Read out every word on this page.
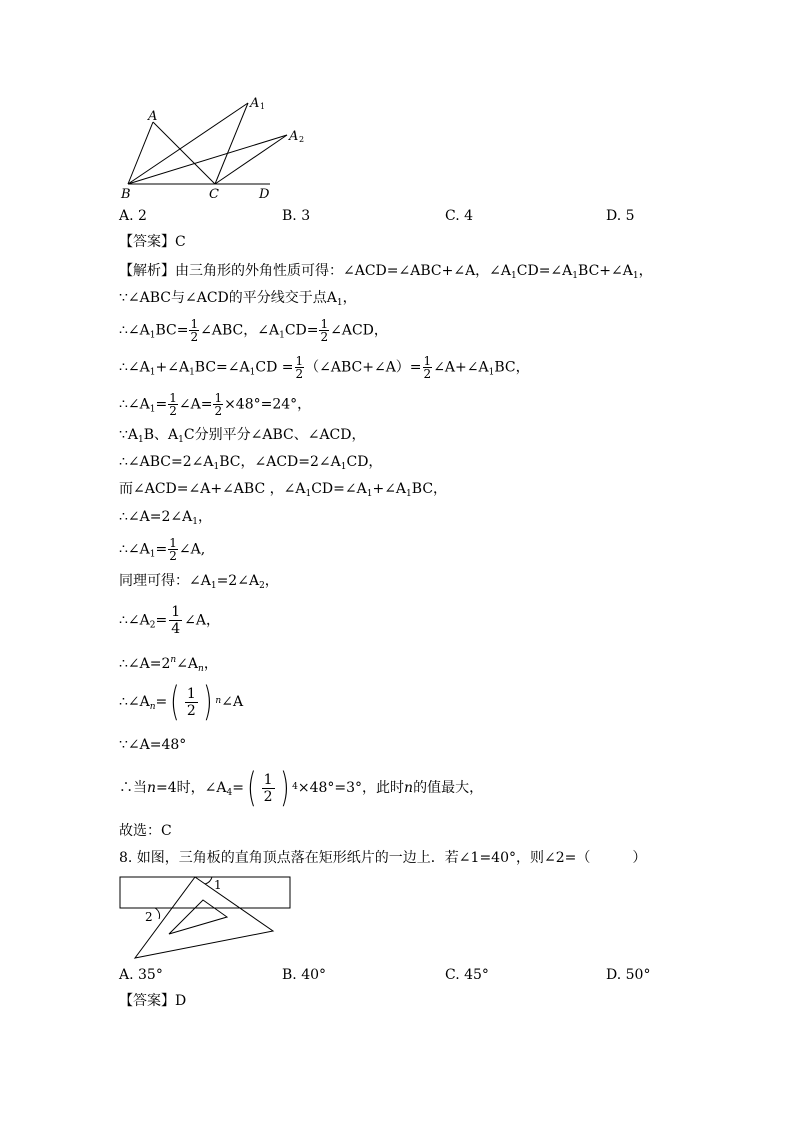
A
A 1
A 2
B	C	D
A. 2	B. 3	C. 4	D. 5
【答案】C
【解析】由三角形的外角性质可得：∠ACD=∠ABC+∠A，$\angle A_1CD=\angle A_1BC+\angle A_1$，
∵∠ABC与∠ACD的平分线交于点$A_1$，
$\therefore\angle A_1BC= \frac{1}{2}$ ∠ABC，$\angle A_1CD= \frac{1}{2}$ ∠ACD，
$\therefore\angle A_1+\angle A_1BC=\angle A_1CD = \frac{1}{2}$ （∠ABC+∠A）= $\frac{1}{2}$ $\angle A+\angle A_1BC$，
$\therefore\angle A_1= \frac{1}{2}$ ∠A= $\frac{1}{2} \times 48^\circ=24^\circ$，
$\because A_1B$、$A_1C$分别平分∠ABC、∠ACD，
$\therefore\angle ABC=2\angle A_1BC$，$\angle ACD=2\angle A_1CD$，
而∠ACD=∠A+∠ABC ，$\angle A_1CD=\angle A_1+\angle A_1BC$，
$\therefore\angle A=2\angle A_1$，
$\therefore\angle A_1= \frac{1}{2}$ ∠A,
同理可得：$\angle A_1=2\angle A_2$，
$\therefore\angle A_2= \frac{1}{4}$ ∠A，
$\therefore\angle A=2^n\angle A_n$，
$\therefore\angle A_n=$ ( 1
2 ) n ∠A
∵∠A=48°
∴当n=4时，$\angle A_4=$ ( 1
2 ) 4 ×48°=3°，此时n的值最大，
故选：C
8. 如图，三角板的直角顶点落在矩形纸片的一边上．若∠1=40°，则∠2=（　　　）
1
2
A. 35°	B. 40°	C. 45°	D. 50°
【答案】D
